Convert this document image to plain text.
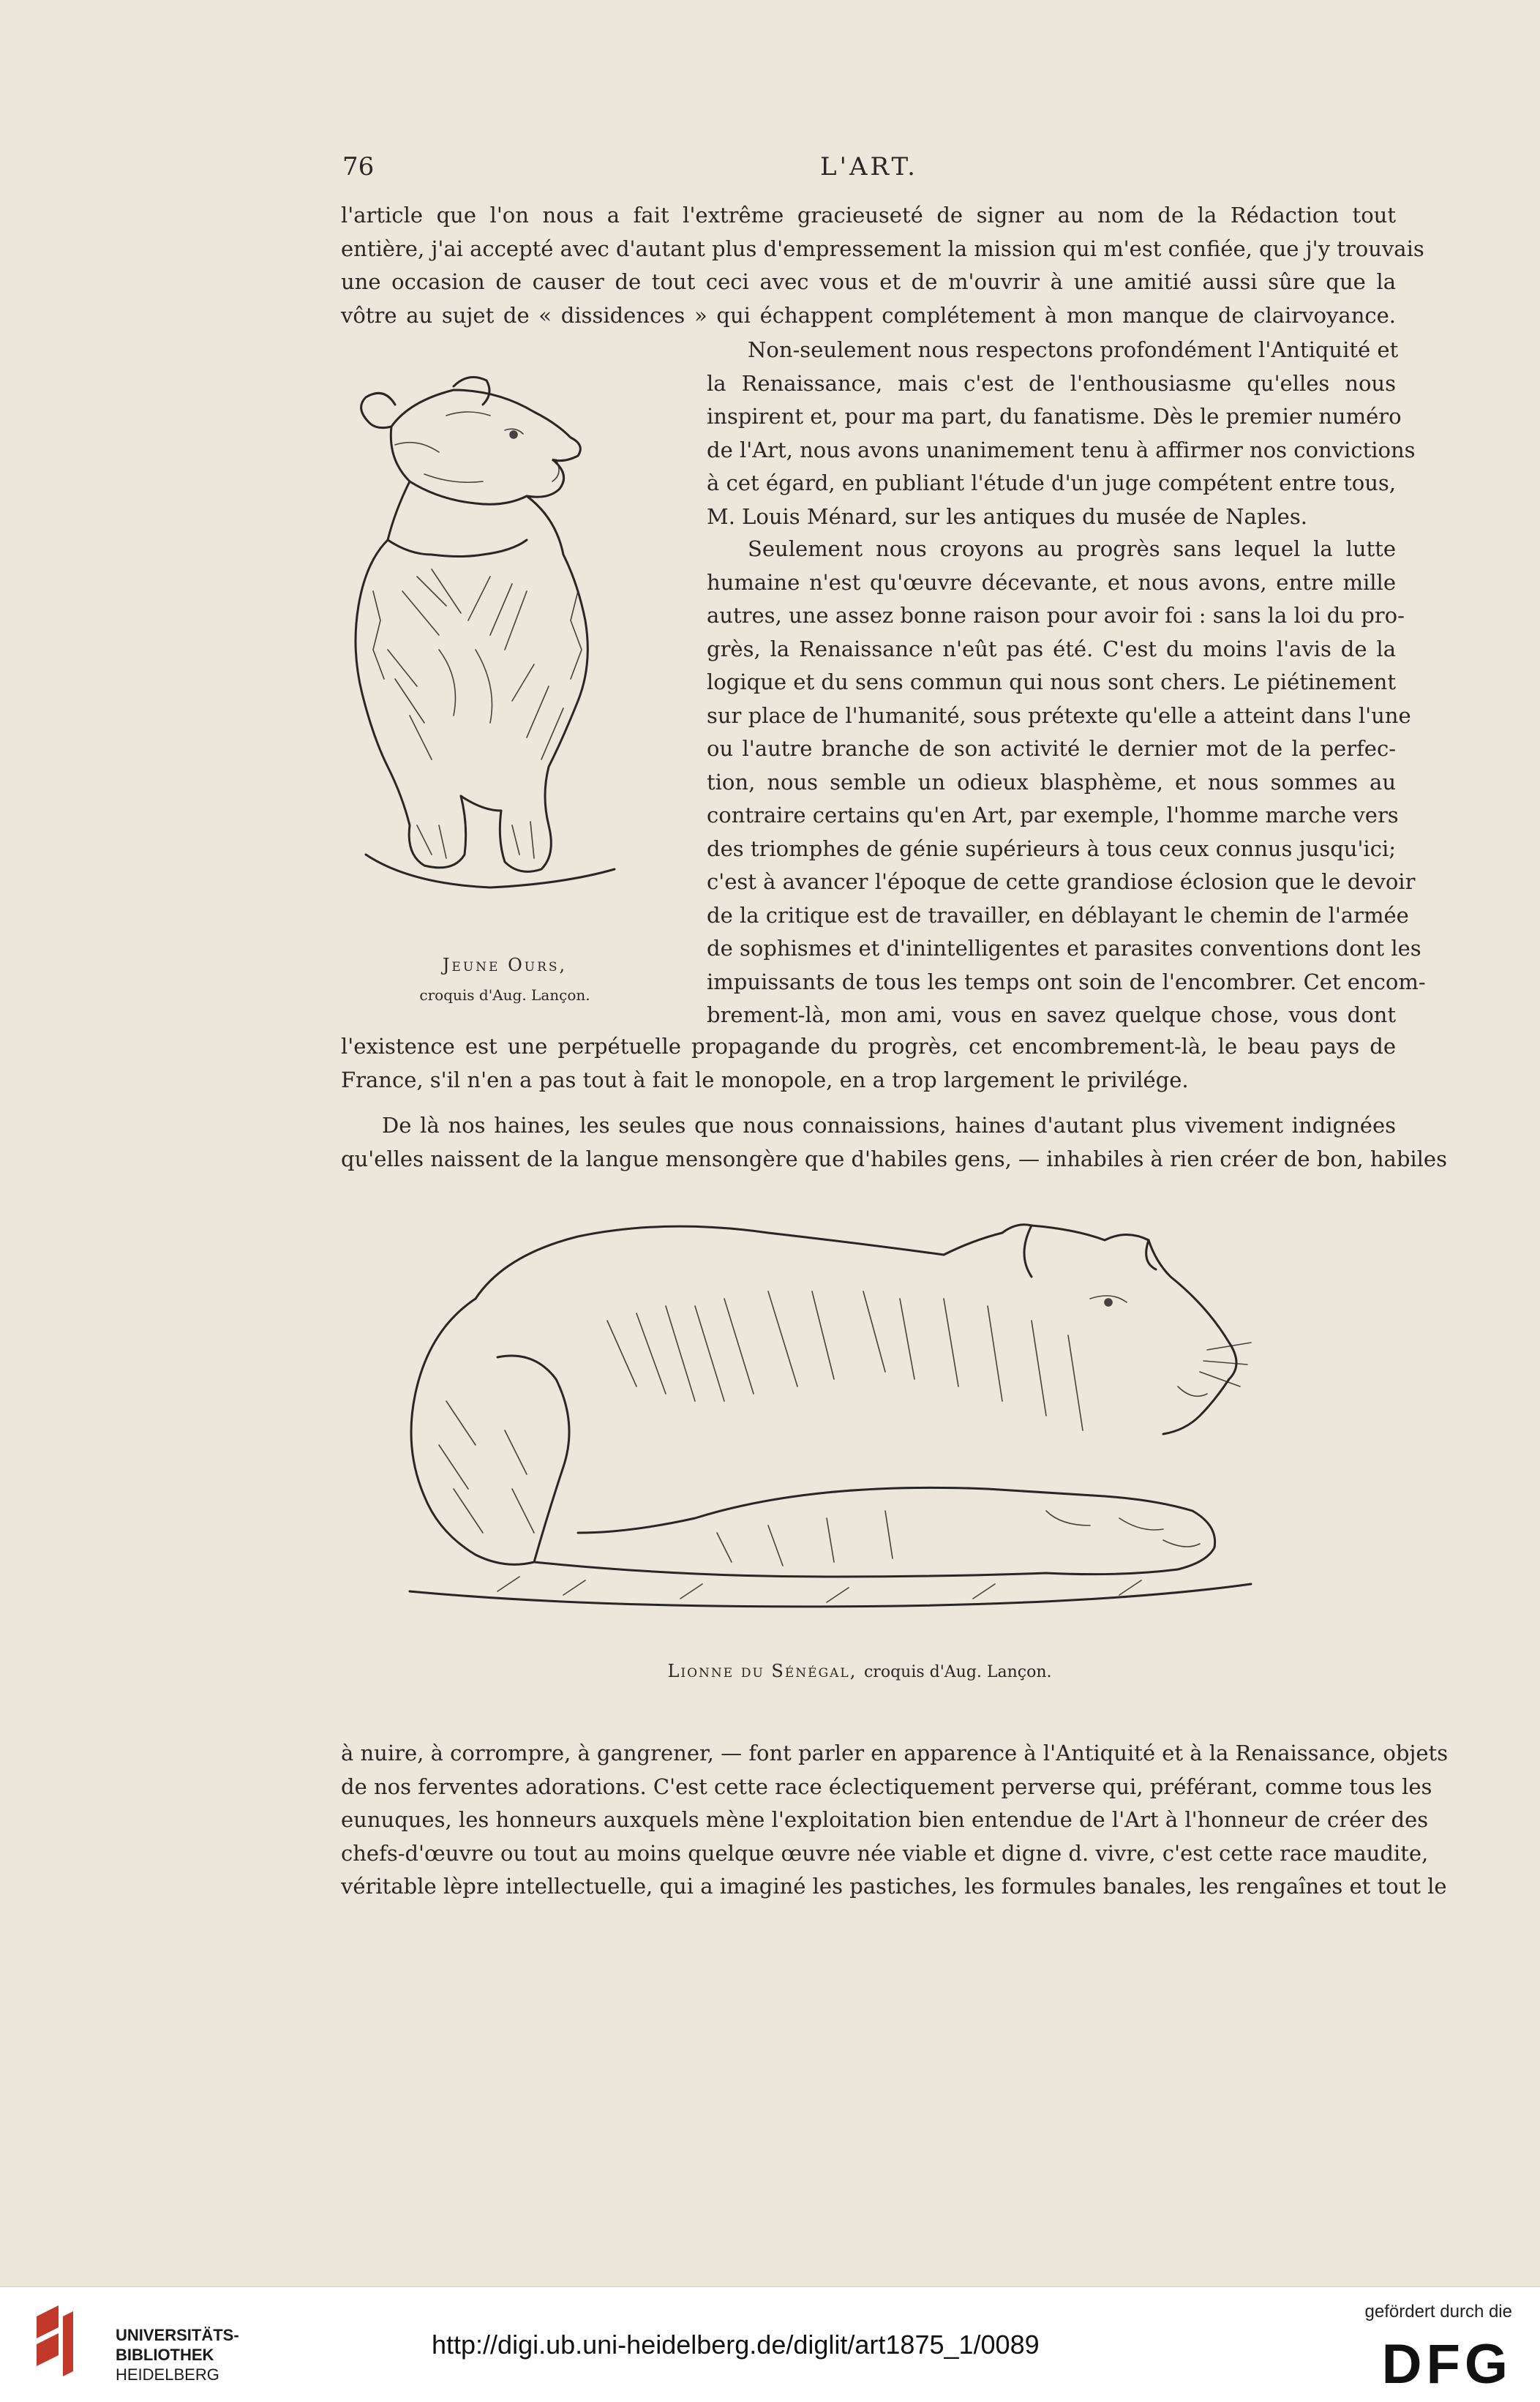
76	L'ART.
l'article que l'on nous a fait l'extrême gracieuseté de signer au nom de la Rédaction tout
entière, j'ai accepté avec d'autant plus d'empressement la mission qui m'est confiée, que j'y trouvais
une occasion de causer de tout ceci avec vous et de m'ouvrir à une amitié aussi sûre que la
vôtre au sujet de « dissidences » qui échappent complétement à mon manque de clairvoyance.
Non-seulement nous respectons profondément l'Antiquité et
la Renaissance, mais c'est de l'enthousiasme qu'elles nous
inspirent et, pour ma part, du fanatisme. Dès le premier numéro
de l'Art, nous avons unanimement tenu à affirmer nos convictions
à cet égard, en publiant l'étude d'un juge compétent entre tous,
M. Louis Ménard, sur les antiques du musée de Naples.
Seulement nous croyons au progrès sans lequel la lutte
humaine n'est qu'œuvre décevante, et nous avons, entre mille
autres, une assez bonne raison pour avoir foi : sans la loi du pro-
grès, la Renaissance n'eût pas été. C'est du moins l'avis de la
logique et du sens commun qui nous sont chers. Le piétinement
sur place de l'humanité, sous prétexte qu'elle a atteint dans l'une
ou l'autre branche de son activité le dernier mot de la perfec-
tion, nous semble un odieux blasphème, et nous sommes au
contraire certains qu'en Art, par exemple, l'homme marche vers
des triomphes de génie supérieurs à tous ceux connus jusqu'ici;
c'est à avancer l'époque de cette grandiose éclosion que le devoir
de la critique est de travailler, en déblayant le chemin de l'armée
de sophismes et d'inintelligentes et parasites conventions dont les
impuissants de tous les temps ont soin de l'encombrer. Cet encom-
brement-là, mon ami, vous en savez quelque chose, vous dont
l'existence est une perpétuelle propagande du progrès, cet encombrement-là, le beau pays de
France, s'il n'en a pas tout à fait le monopole, en a trop largement le privilége.
De là nos haines, les seules que nous connaissions, haines d'autant plus vivement indignées
qu'elles naissent de la langue mensongère que d'habiles gens, — inhabiles à rien créer de bon, habiles
Jeune Ours,
croquis d'Aug. Lançon.
Lionne du Sénégal, croquis d'Aug. Lançon.
à nuire, à corrompre, à gangrener, — font parler en apparence à l'Antiquité et à la Renaissance, objets
de nos ferventes adorations. C'est cette race éclectiquement perverse qui, préférant, comme tous les
eunuques, les honneurs auxquels mène l'exploitation bien entendue de l'Art à l'honneur de créer des
chefs-d'œuvre ou tout au moins quelque œuvre née viable et digne d. vivre, c'est cette race maudite,
véritable lèpre intellectuelle, qui a imaginé les pastiches, les formules banales, les rengaînes et tout le
UNIVERSITÄTS-
BIBLIOTHEK
HEIDELBERG
http://digi.ub.uni-heidelberg.de/diglit/art1875_1/0089
gefördert durch die
DFG
